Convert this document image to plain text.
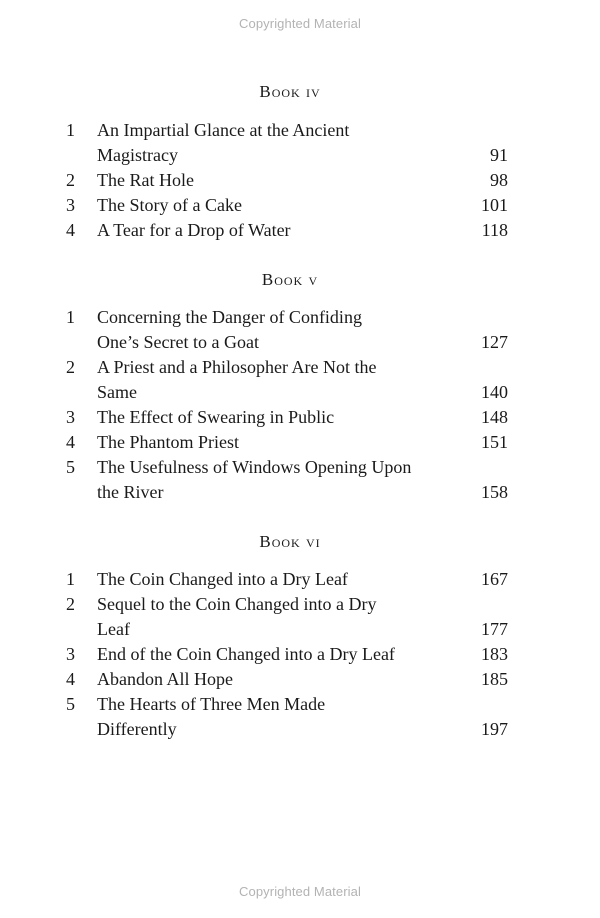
Copyrighted Material
Book iv
1 An Impartial Glance at the Ancient
Magistracy	91
2 The Rat Hole	98
3 The Story of a Cake	101
4 A Tear for a Drop of Water	118
Book v
1 Concerning the Danger of Confiding
One’s Secret to a Goat	127
2 A Priest and a Philosopher Are Not the
Same	140
3 The Effect of Swearing in Public	148
4 The Phantom Priest	151
5 The Usefulness of Windows Opening Upon
the River	158
Book vi
1 The Coin Changed into a Dry Leaf	167
2 Sequel to the Coin Changed into a Dry
Leaf	177
3 End of the Coin Changed into a Dry Leaf	183
4 Abandon All Hope	185
5 The Hearts of Three Men Made
Differently	197
Copyrighted Material
